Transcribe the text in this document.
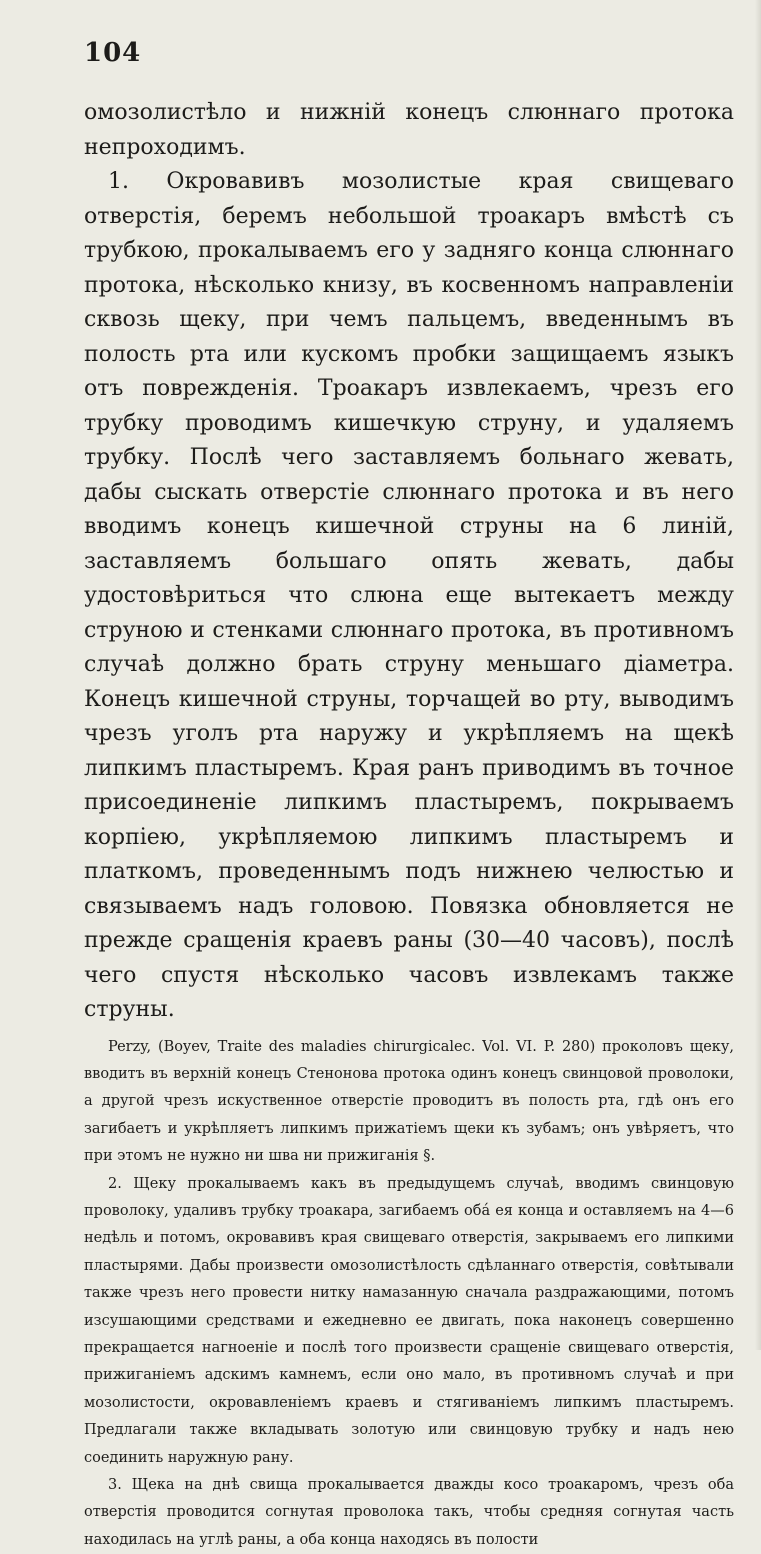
104

омозолистѣло и нижній конецъ слюннаго протока непроходимъ.

1. Окровавивъ мозолистые края свищеваго отверстія, беремъ небольшой троакаръ вмѣстѣ съ трубкою, прокалываемъ его у задняго конца слюннаго протока, нѣсколько книзу, въ косвенномъ направленіи сквозь щеку, при чемъ пальцемъ, введеннымъ въ полость рта или кускомъ пробки защищаемъ языкъ отъ поврежденія. Троакаръ извлекаемъ, чрезъ его трубку проводимъ кишечкую струну, и удаляемъ трубку. Послѣ чего заставляемъ больнаго жевать, дабы сыскать отверстіе слюннаго протока и въ него вводимъ конецъ кишечной струны на 6 линій, заставляемъ большаго опять жевать, дабы удостовѣриться что слюна еще вытекаетъ между струною и стенками слюннаго протока, въ противномъ случаѣ должно брать струну меньшаго діаметра. Конецъ кишечной струны, торчащей во рту, выводимъ чрезъ уголъ рта наружу и укрѣпляемъ на щекѣ липкимъ пластыремъ. Края ранъ приводимъ въ точное присоединеніе липкимъ пластыремъ, покрываемъ корпіею, укрѣпляемою липкимъ пластыремъ и платкомъ, проведеннымъ подъ нижнею челюстью и связываемъ надъ головою. Повязка обновляется не прежде сращенія краевъ раны (30—40 часовъ), послѣ чего спустя нѣсколько часовъ извлекамъ также струны.

Perzy, (Boyev, Traite des maladies chirurgicalec. Vol. VI. P. 280) проколовъ щеку, вводитъ въ верхній конецъ Стенонова протока одинъ конецъ свинцовой проволоки, а другой чрезъ искуственное отверстіе проводитъ въ полость рта, гдѣ онъ его загибаетъ и укрѣпляетъ липкимъ прижатіемъ щеки къ зубамъ; онъ увѣряетъ, что при этомъ не нужно ни шва ни прижиганія §.

2. Щеку прокалываемъ какъ въ предыдущемъ случаѣ, вводимъ свинцовую проволоку, удаливъ трубку троакара, загибаемъ обá ея конца и оставляемъ на 4—6 недѣль и потомъ, окровавивъ края свищеваго отверстія, закрываемъ его липкими пластырями. Дабы произвести омозолистѣлость сдѣланнаго отверстія, совѣтывали также чрезъ него провести нитку намазанную сначала раздражающими, потомъ изсушающими средствами и ежедневно ее двигать, пока наконецъ совершенно прекращается нагноеніе и послѣ того произвести сращеніе свищеваго отверстія, прижиганіемъ адскимъ камнемъ, если оно мало, въ противномъ случаѣ и при мозолистости, окровавленіемъ краевъ и стягиваніемъ липкимъ пластыремъ. Предлагали также вкладывать золотую или свинцовую трубку и надъ нею соединить наружную рану.

3. Щека на днѣ свища прокалывается дважды косо троакаромъ, чрезъ оба отверстія проводится согнутая проволока такъ, чтобы средняя согнутая часть находилась на углѣ раны, а оба конца находясь въ полости
